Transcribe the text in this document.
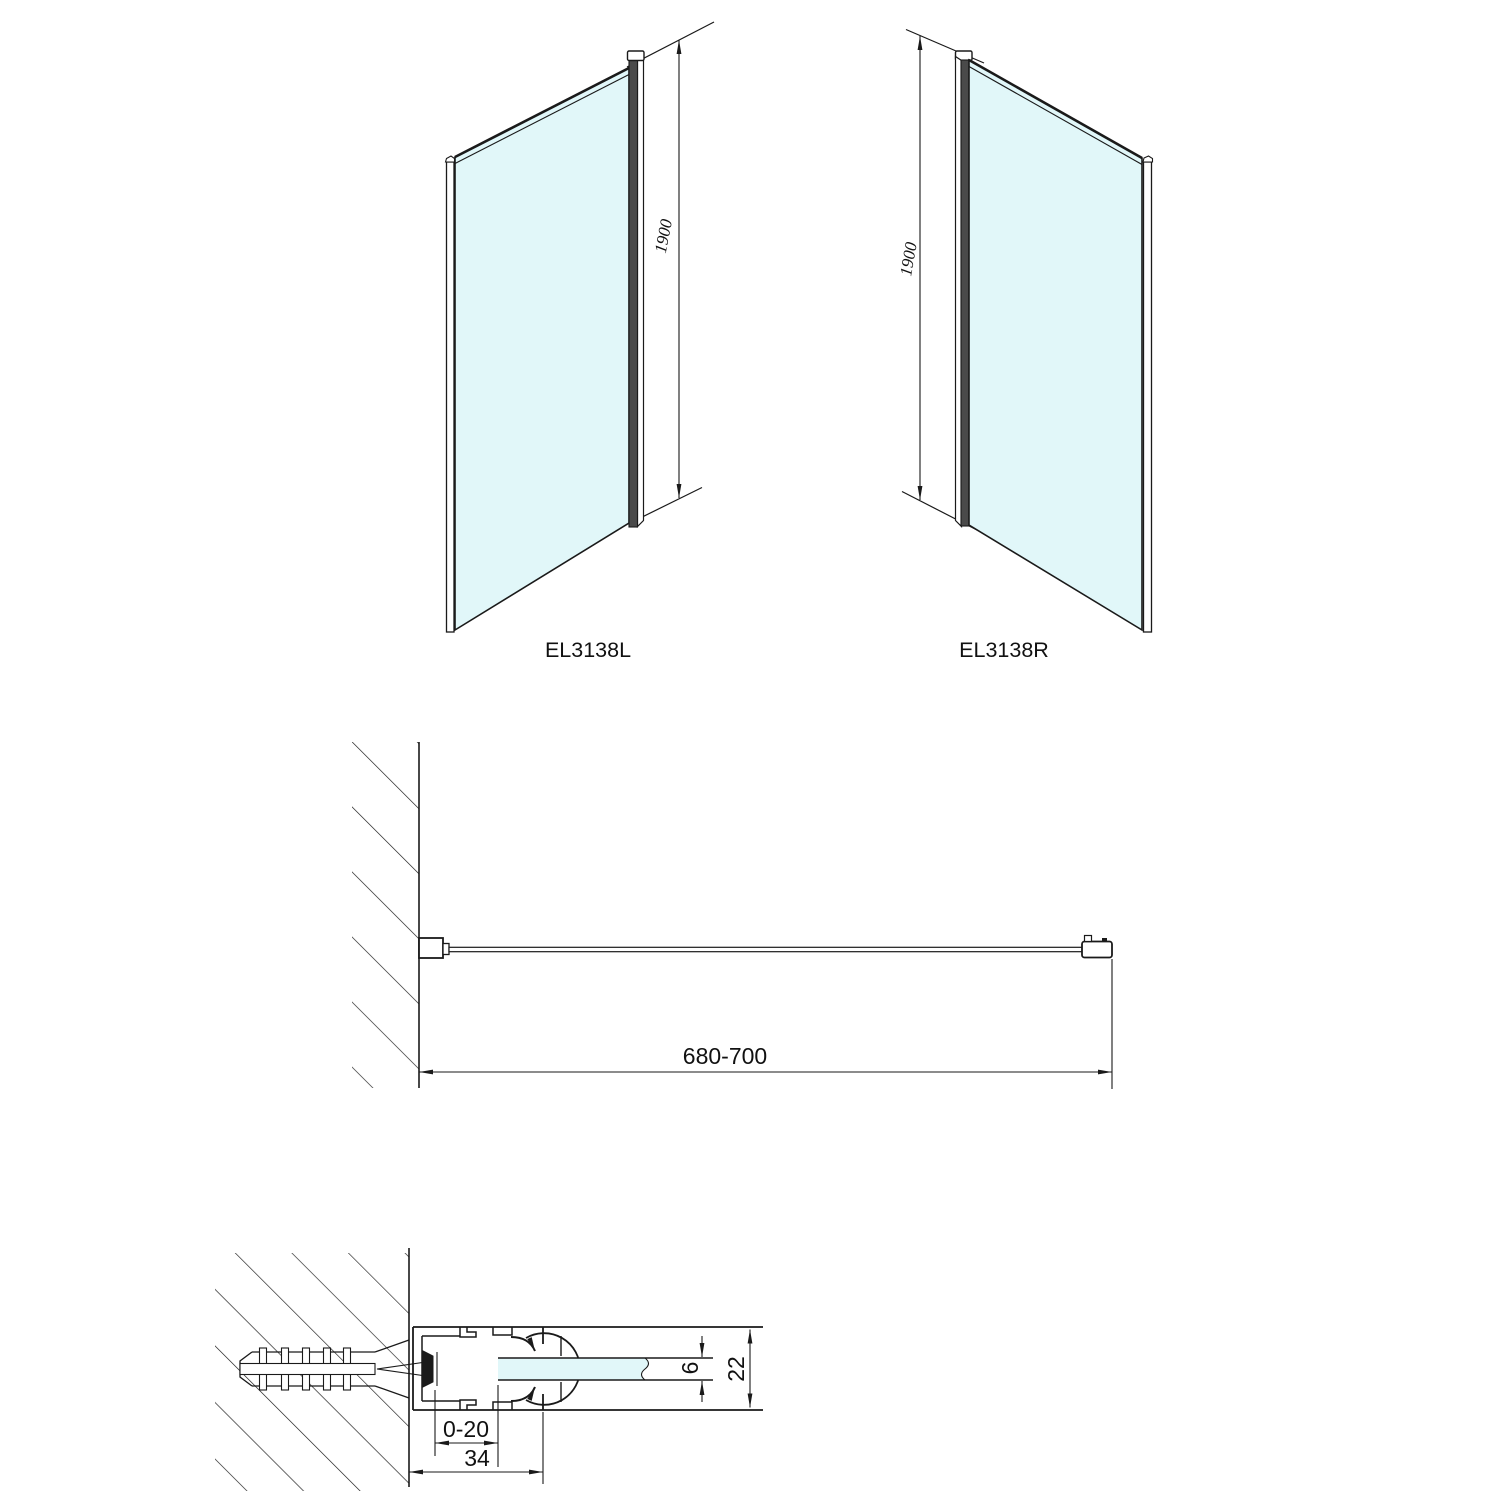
1900
EL3138L
1900
EL3138R
680-700
0-20
34
6 22
